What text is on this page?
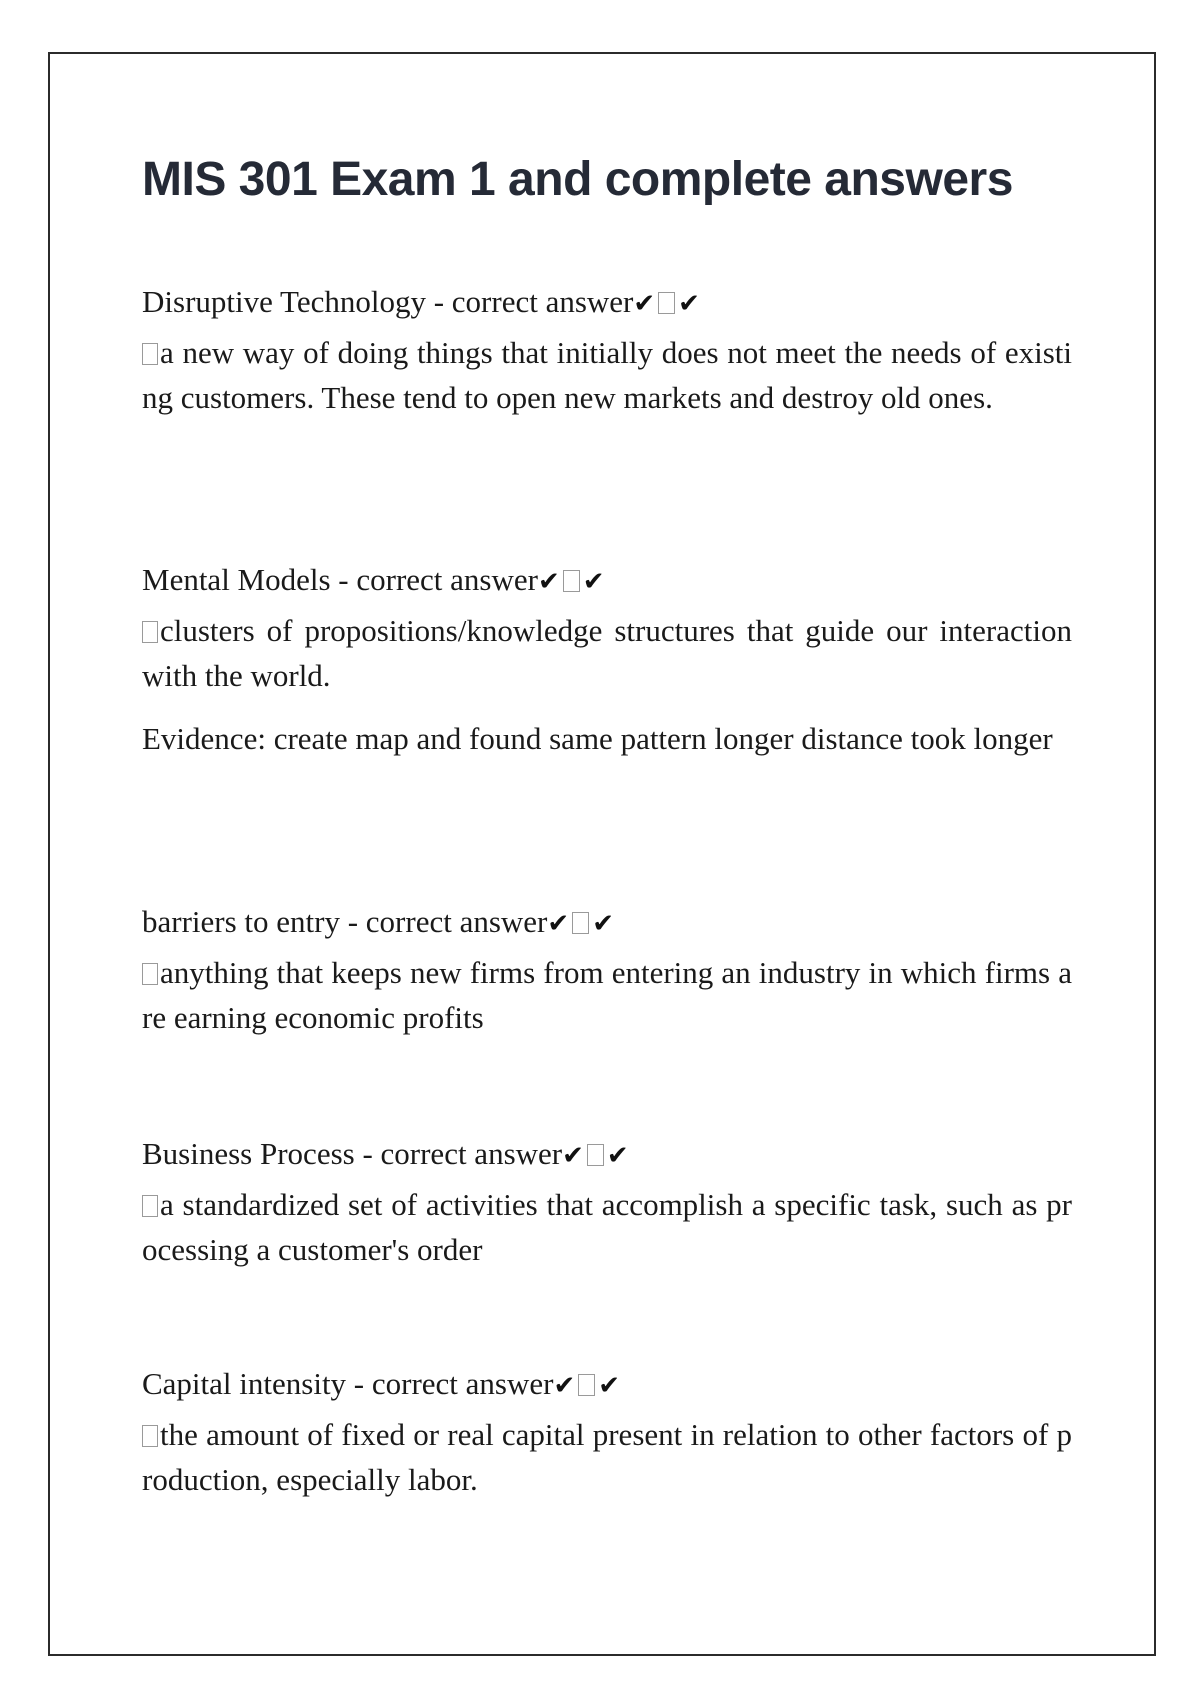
MIS 301 Exam 1 and complete answers
Disruptive Technology - correct answer✔ ✔
a new way of doing things that initially does not meet the needs of existing customers. These tend to open new markets and destroy old ones.
Mental Models - correct answer✔ ✔
clusters of propositions/knowledge structures that guide our interaction with the world.
Evidence: create map and found same pattern longer distance took longer
barriers to entry - correct answer✔ ✔
anything that keeps new firms from entering an industry in which firms are earning economic profits
Business Process - correct answer✔ ✔
a standardized set of activities that accomplish a specific task, such as processing a customer's order
Capital intensity - correct answer✔ ✔
the amount of fixed or real capital present in relation to other factors of production, especially labor.
